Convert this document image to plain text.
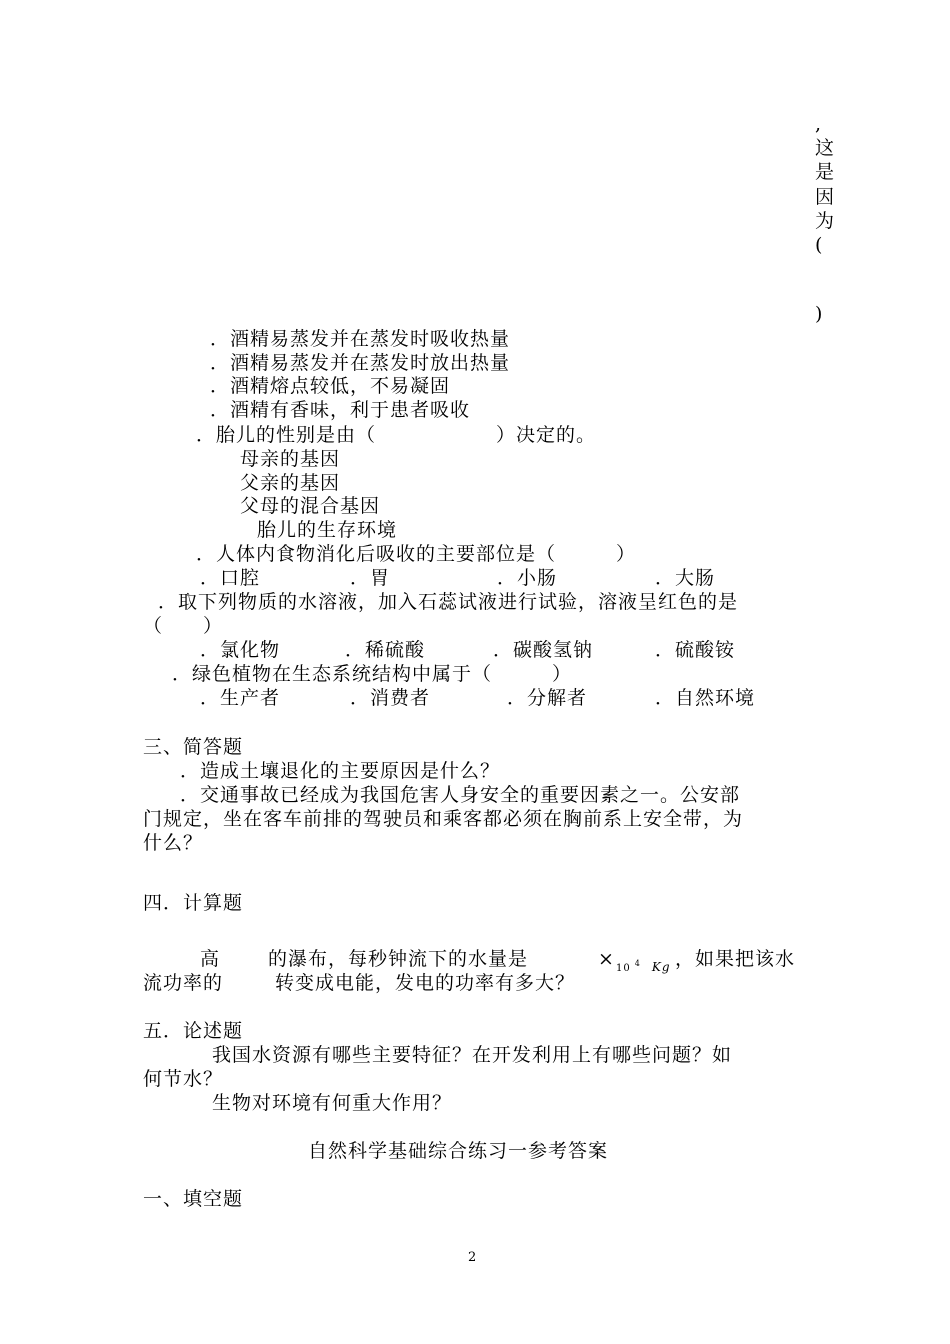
,
这
是
因
为
(
)
．酒精易蒸发并在蒸发时吸收热量
．酒精易蒸发并在蒸发时放出热量
．酒精熔点较低，不易凝固
．酒精有香味，利于患者吸收
．胎儿的性别是由（　　　　　　）决定的。
母亲的基因
父亲的基因
父母的混合基因
胎儿的生存环境
．人体内食物消化后吸收的主要部位是（　　　）
．口腔	．胃	．小肠	．大肠
．取下列物质的水溶液，加入石蕊试液进行试验，溶液呈红色的是
（　　）
．氯化物	．稀硫酸	．碳酸氢钠	．硫酸铵
．绿色植物在生态系统结构中属于（　　　）
．生产者	．消费者	．分解者	．自然环境
三、简答题
．造成土壤退化的主要原因是什么？
．交通事故已经成为我国危害人身安全的重要因素之一。公安部
门规定，坐在客车前排的驾驶员和乘客都必须在胸前系上安全带，为
什么？
四．计算题
高	的瀑布，每秒钟流下的水量是	× $_{10}$ $^4$ Kg ，如果把该水
流功率的	转变成电能，发电的功率有多大？
五．论述题
我国水资源有哪些主要特征？在开发利用上有哪些问题？如
何节水？
生物对环境有何重大作用？
自然科学基础综合练习一参考答案
一、填空题
2
